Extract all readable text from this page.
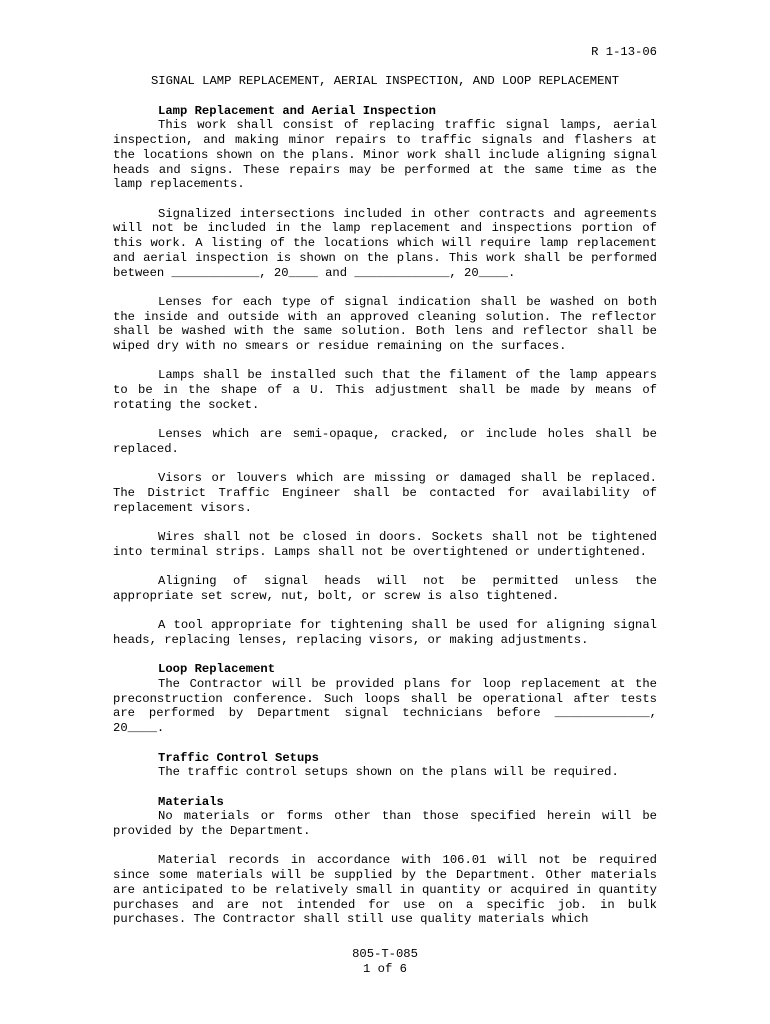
R 1-13-06

SIGNAL LAMP REPLACEMENT, AERIAL INSPECTION, AND LOOP REPLACEMENT

Lamp Replacement and Aerial Inspection

This work shall consist of replacing traffic signal lamps, aerial inspection, and making minor repairs to traffic signals and flashers at the locations shown on the plans. Minor work shall include aligning signal heads and signs. These repairs may be performed at the same time as the lamp replacements.

Signalized intersections included in other contracts and agreements will not be included in the lamp replacement and inspections portion of this work. A listing of the locations which will require lamp replacement and aerial inspection is shown on the plans. This work shall be performed between ____________, 20____ and _____________, 20____.

Lenses for each type of signal indication shall be washed on both the inside and outside with an approved cleaning solution. The reflector shall be washed with the same solution. Both lens and reflector shall be wiped dry with no smears or residue remaining on the surfaces.

Lamps shall be installed such that the filament of the lamp appears to be in the shape of a U. This adjustment shall be made by means of rotating the socket.

Lenses which are semi-opaque, cracked, or include holes shall be replaced.

Visors or louvers which are missing or damaged shall be replaced. The District Traffic Engineer shall be contacted for availability of replacement visors.

Wires shall not be closed in doors. Sockets shall not be tightened into terminal strips. Lamps shall not be overtightened or undertightened.

Aligning of signal heads will not be permitted unless the appropriate set screw, nut, bolt, or screw is also tightened.

A tool appropriate for tightening shall be used for aligning signal heads, replacing lenses, replacing visors, or making adjustments.

Loop Replacement

The Contractor will be provided plans for loop replacement at the preconstruction conference. Such loops shall be operational after tests are performed by Department signal technicians before _____________, 20____.

Traffic Control Setups

The traffic control setups shown on the plans will be required.

Materials

No materials or forms other than those specified herein will be provided by the Department.

Material records in accordance with 106.01 will not be required since some materials will be supplied by the Department. Other materials are anticipated to be relatively small in quantity or acquired in quantity purchases and are not intended for use on a specific job. in bulk purchases. The Contractor shall still use quality materials which

805-T-085
1 of 6
